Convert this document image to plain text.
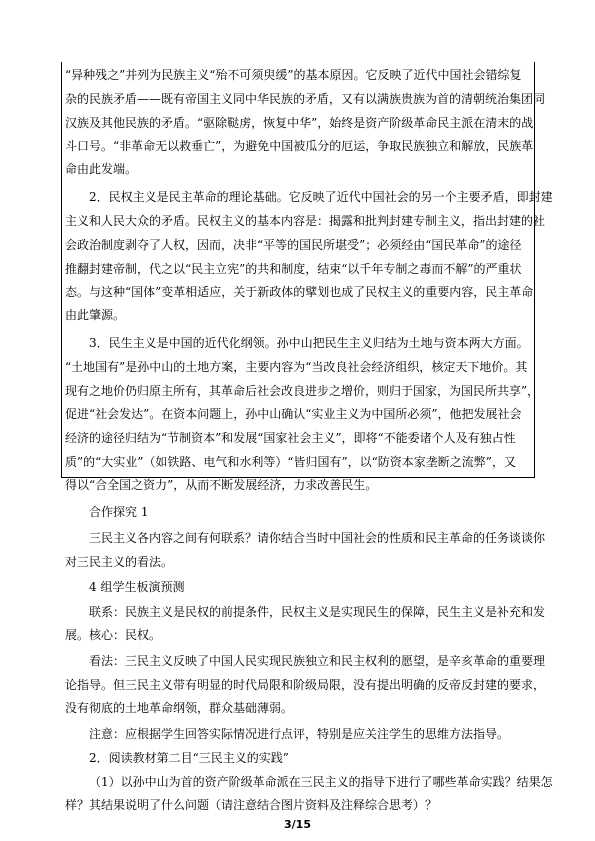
“异种残之”并列为民族主义“殆不可须臾缓”的基本原因。它反映了近代中国社会错综复
杂的民族矛盾——既有帝国主义同中华民族的矛盾，又有以满族贵族为首的清朝统治集团同
汉族及其他民族的矛盾。“驱除鞑虏，恢复中华”，始终是资产阶级革命民主派在清末的战
斗口号。“非革命无以救垂亡”，为避免中国被瓜分的厄运，争取民族独立和解放，民族革
命由此发端。
2．民权主义是民主革命的理论基础。它反映了近代中国社会的另一个主要矛盾，即封建
主义和人民大众的矛盾。民权主义的基本内容是：揭露和批判封建专制主义，指出封建的社
会政治制度剥夺了人权，因而，决非“平等的国民所堪受”；必须经由“国民革命”的途径
推翻封建帝制，代之以“民主立宪”的共和制度，结束“以千年专制之毒而不解”的严重状
态。与这种“国体”变革相适应，关于新政体的擘划也成了民权主义的重要内容，民主革命
由此肇源。
3．民生主义是中国的近代化纲领。孙中山把民生主义归结为土地与资本两大方面。
“土地国有”是孙中山的土地方案，主要内容为“当改良社会经济组织，核定天下地价。其
现有之地价仍归原主所有，其革命后社会改良进步之增价，则归于国家，为国民所共享”，
促进“社会发达”。在资本问题上，孙中山确认“实业主义为中国所必须”，他把发展社会
经济的途径归结为“节制资本”和发展“国家社会主义”，即将“不能委诸个人及有独占性
质”的“大实业”（如铁路、电气和水利等）“皆归国有”，以“防资本家垄断之流弊”，又
得以“合全国之资力”，从而不断发展经济，力求改善民生。
合作探究 1
三民主义各内容之间有何联系？请你结合当时中国社会的性质和民主革命的任务谈谈你
对三民主义的看法。
4 组学生板演预测
联系：民族主义是民权的前提条件，民权主义是实现民生的保障，民生主义是补充和发
展。核心：民权。
看法：三民主义反映了中国人民实现民族独立和民主权利的愿望，是辛亥革命的重要理
论指导。但三民主义带有明显的时代局限和阶级局限，没有提出明确的反帝反封建的要求，
没有彻底的土地革命纲领，群众基础薄弱。
注意：应根据学生回答实际情况进行点评，特别是应关注学生的思维方法指导。
2．阅读教材第二目“三民主义的实践”
（1）以孙中山为首的资产阶级革命派在三民主义的指导下进行了哪些革命实践？结果怎
样？其结果说明了什么问题（请注意结合图片资料及注释综合思考）？
3/15
